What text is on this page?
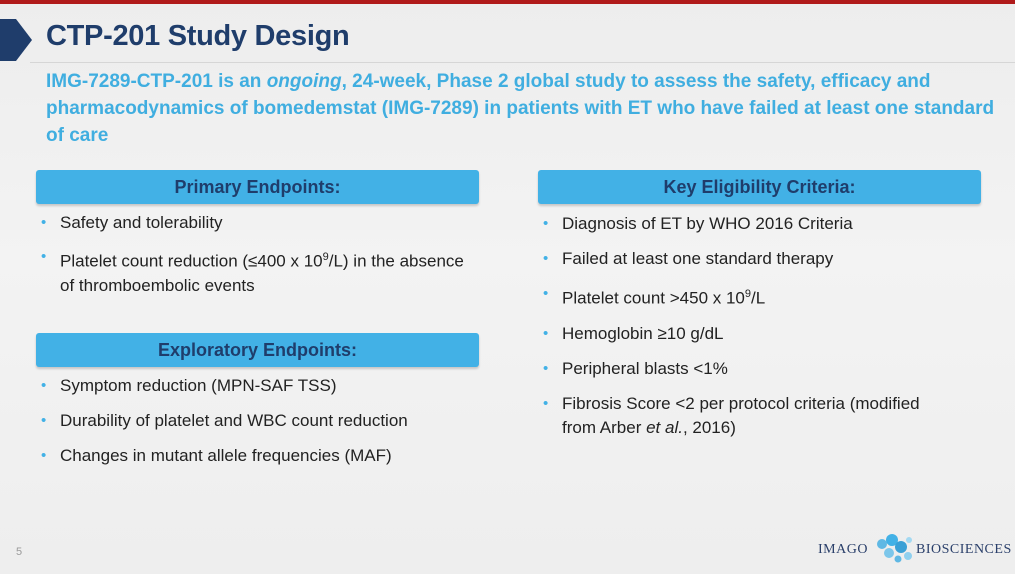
CTP-201 Study Design
IMG-7289-CTP-201 is an ongoing, 24-week, Phase 2 global study to assess the safety, efficacy and pharmacodynamics of bomedemstat (IMG-7289) in patients with ET who have failed at least one standard of care
Primary Endpoints:
• Safety and tolerability
• Platelet count reduction (≤400 x $10^9/L$) in the absence of thromboembolic events
Exploratory Endpoints:
• Symptom reduction (MPN-SAF TSS)
• Durability of platelet and WBC count reduction
• Changes in mutant allele frequencies (MAF)
Key Eligibility Criteria:
• Diagnosis of ET by WHO 2016 Criteria
• Failed at least one standard therapy
• Platelet count >450 x $10^9/L$
• Hemoglobin ≥10 g/dL
• Peripheral blasts <1%
• Fibrosis Score <2 per protocol criteria (modified from Arber et al., 2016)
5	IMAGO	BIOSCIENCES
